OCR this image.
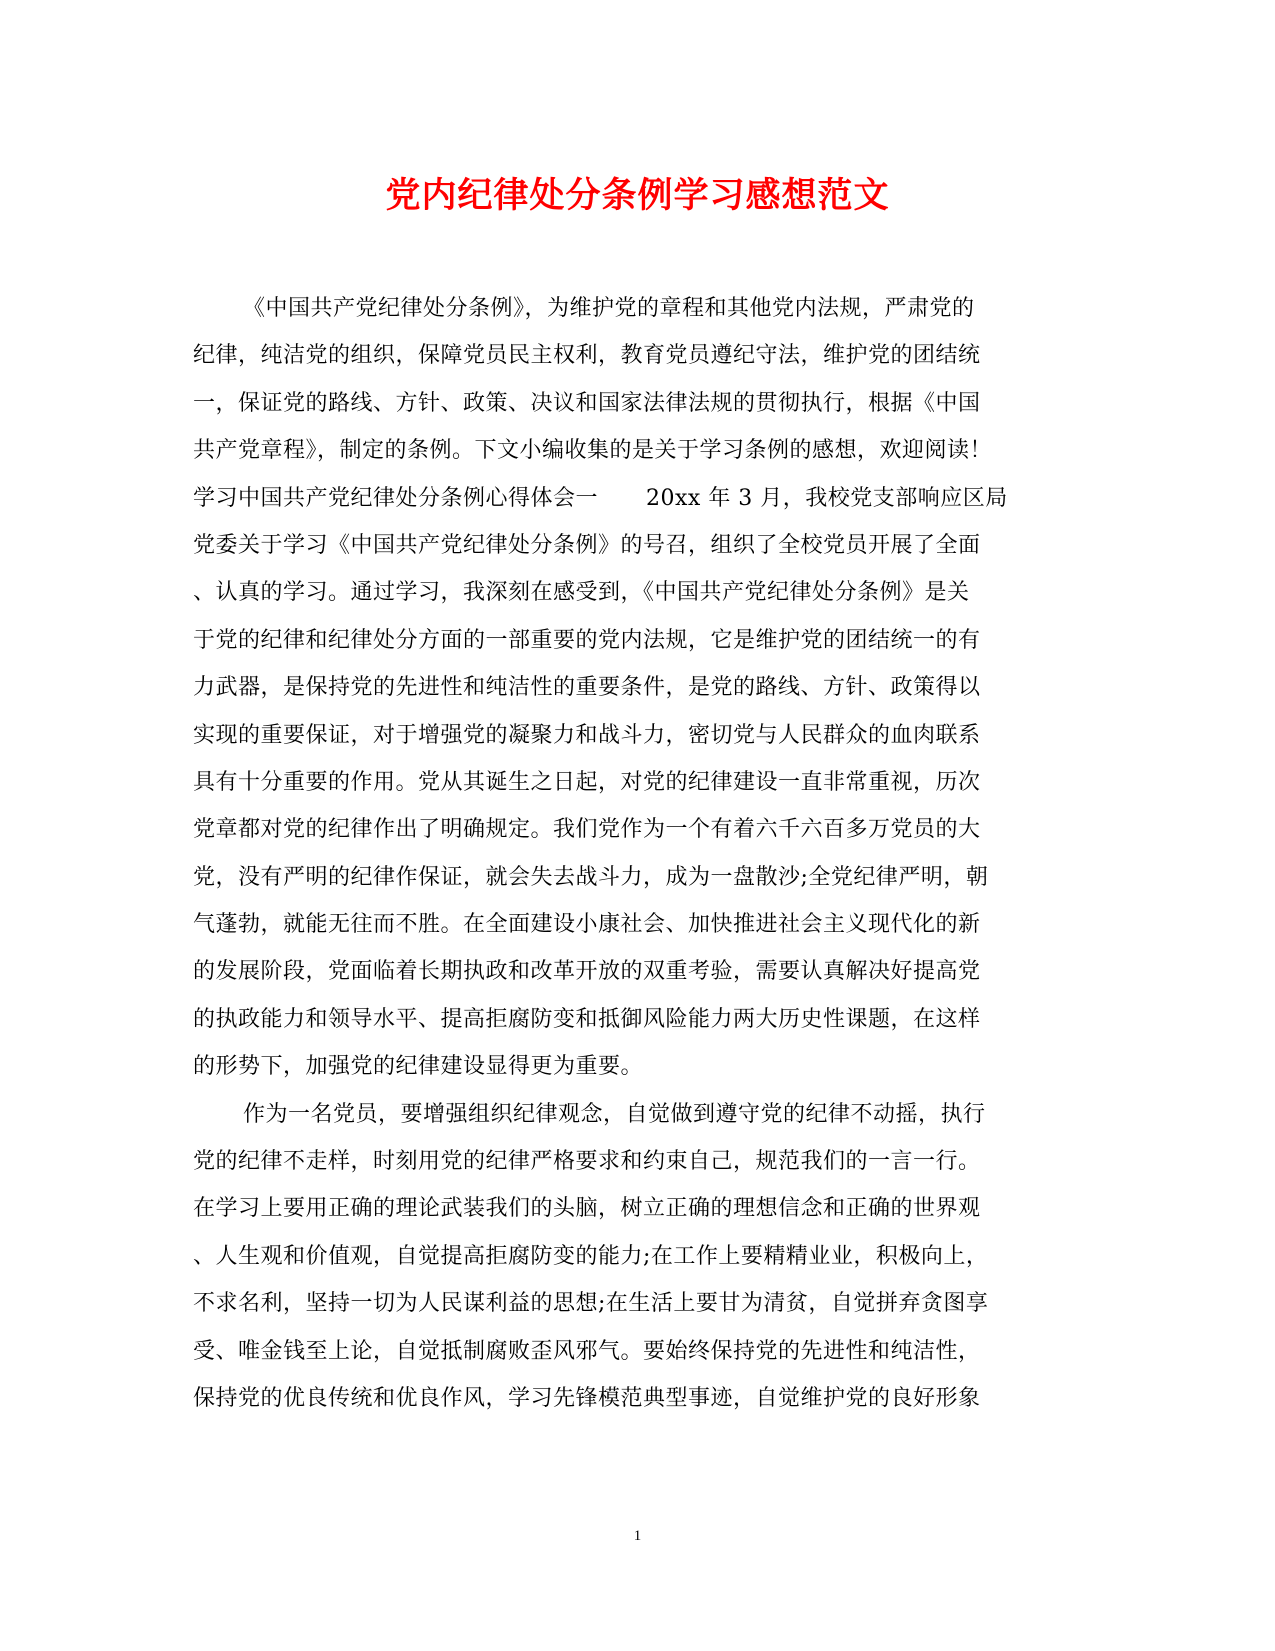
党内纪律处分条例学习感想范文
《中国共产党纪律处分条例》，为维护党的章程和其他党内法规，严肃党的
纪律，纯洁党的组织，保障党员民主权利，教育党员遵纪守法，维护党的团结统
一，保证党的路线、方针、政策、决议和国家法律法规的贯彻执行，根据《中国
共产党章程》，制定的条例。下文小编收集的是关于学习条例的感想，欢迎阅读！
学习中国共产党纪律处分条例心得体会一 20xx 年 3 月，我校党支部响应区局
党委关于学习《中国共产党纪律处分条例》的号召，组织了全校党员开展了全面
、认真的学习。通过学习，我深刻在感受到，《中国共产党纪律处分条例》是关
于党的纪律和纪律处分方面的一部重要的党内法规，它是维护党的团结统一的有
力武器，是保持党的先进性和纯洁性的重要条件，是党的路线、方针、政策得以
实现的重要保证，对于增强党的凝聚力和战斗力，密切党与人民群众的血肉联系
具有十分重要的作用。党从其诞生之日起，对党的纪律建设一直非常重视，历次
党章都对党的纪律作出了明确规定。我们党作为一个有着六千六百多万党员的大
党，没有严明的纪律作保证，就会失去战斗力，成为一盘散沙;全党纪律严明，朝
气蓬勃，就能无往而不胜。在全面建设小康社会、加快推进社会主义现代化的新
的发展阶段，党面临着长期执政和改革开放的双重考验，需要认真解决好提高党
的执政能力和领导水平、提高拒腐防变和抵御风险能力两大历史性课题，在这样
的形势下，加强党的纪律建设显得更为重要。
作为一名党员，要增强组织纪律观念，自觉做到遵守党的纪律不动摇，执行
党的纪律不走样，时刻用党的纪律严格要求和约束自己，规范我们的一言一行。
在学习上要用正确的理论武装我们的头脑，树立正确的理想信念和正确的世界观
、人生观和价值观，自觉提高拒腐防变的能力;在工作上要精精业业，积极向上，
不求名利，坚持一切为人民谋利益的思想;在生活上要甘为清贫，自觉拼弃贪图享
受、唯金钱至上论，自觉抵制腐败歪风邪气。要始终保持党的先进性和纯洁性，
保持党的优良传统和优良作风，学习先锋模范典型事迹，自觉维护党的良好形象
1
